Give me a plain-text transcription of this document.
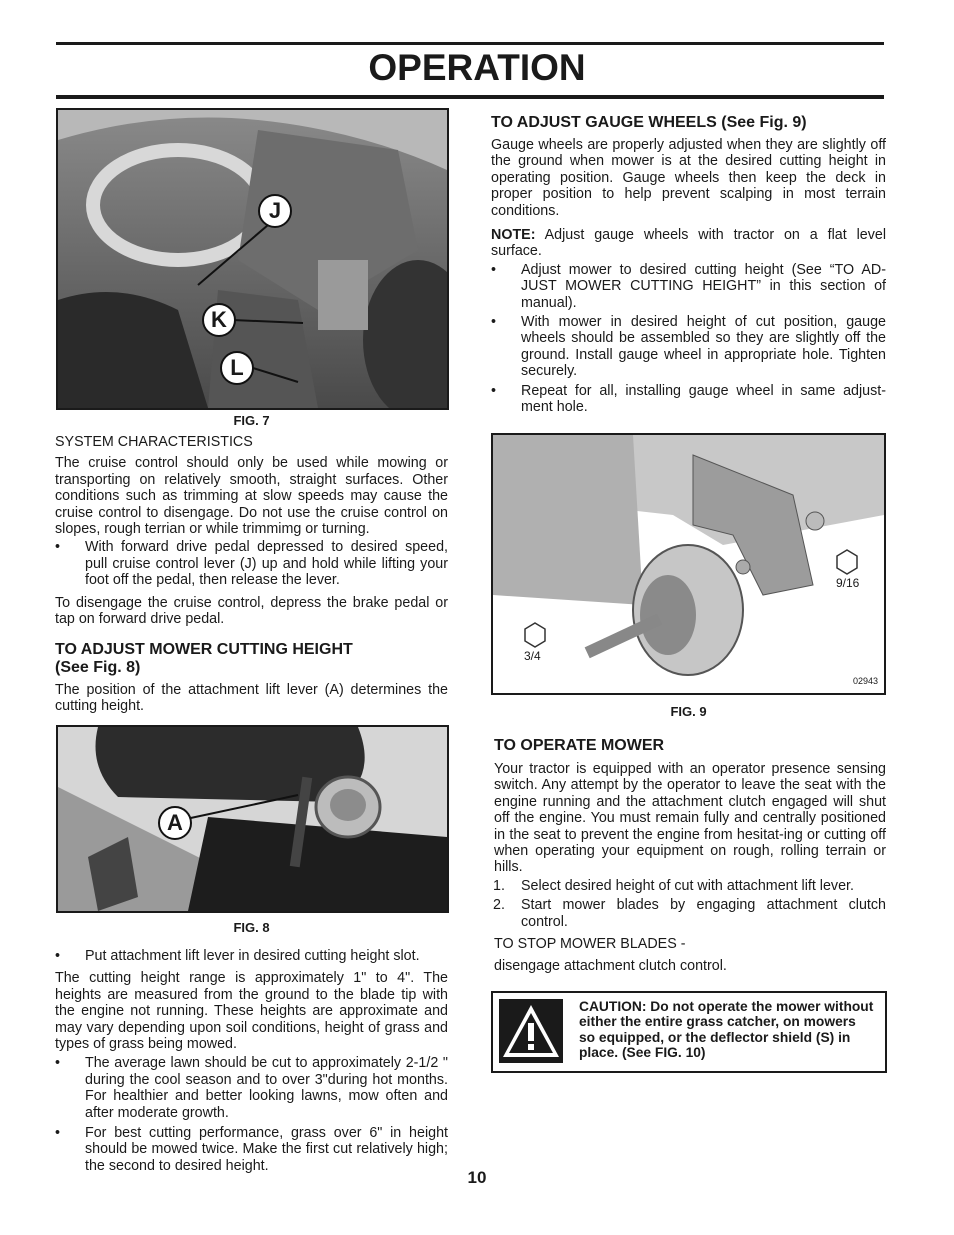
OPERATION
J
K
L
FIG. 7

SYSTEM CHARACTERISTICS

The cruise control should only be used while mowing or transporting on relatively smooth, straight surfaces. Other conditions such as trimming at slow speeds may cause the cruise control to disengage. Do not use the cruise control on slopes, rough terrian or while trimmimg or turning.

• With forward drive pedal depressed to desired speed, pull cruise control lever (J) up and hold while lifting your foot off the pedal, then release the lever.

To disengage the cruise control, depress the brake pedal or tap on forward drive pedal.

TO ADJUST MOWER CUTTING HEIGHT
(See Fig. 8)

The position of the attachment lift lever (A) determines the cutting height.

A
FIG. 8
• Put attachment lift lever in desired cutting height slot.

The cutting height range is approximately 1" to 4". The heights are measured from the ground to the blade tip with the engine not running. These heights are approximate and may vary depending upon soil conditions, height of grass and types of grass being mowed.

• The average lawn should be cut to approximately 2-1/2 " during the cool season and to over 3"during hot months. For healthier and better looking lawns, mow often and after moderate growth.
• For best cutting performance, grass over 6" in height should be mowed twice. Make the first cut relatively high; the second to desired height.
TO ADJUST GAUGE WHEELS (See Fig. 9)

Gauge wheels are properly adjusted when they are slightly off the ground when mower is at the desired cutting height in operating position. Gauge wheels then keep the deck in proper position to help prevent scalping in most terrain conditions.

NOTE: Adjust gauge wheels with tractor on a flat level surface.

• Adjust mower to desired cutting height (See “TO AD-JUST MOWER CUTTING HEIGHT” in this section of manual).
• With mower in desired height of cut position, gauge wheels should be assembled so they are slightly off the ground. Install gauge wheel in appropriate hole. Tighten securely.
• Repeat for all, installing gauge wheel in same adjust-ment hole.
3/4
9/16
02943
FIG. 9
TO OPERATE MOWER

Your tractor is equipped with an operator presence sensing switch. Any attempt by the operator to leave the seat with the engine running and the attachment clutch engaged will shut off the engine. You must remain fully and centrally positioned in the seat to prevent the engine from hesitat-ing or cutting off when operating your equipment on rough, rolling terrain or hills.

1. Select desired height of cut with attachment lift lever.
2. Start mower blades by engaging attachment clutch control.

TO STOP MOWER BLADES -

disengage attachment clutch control.

CAUTION: Do not operate the mower without either the entire grass catcher, on mowers so equipped, or the deflector shield (S) in place. (See FIG. 10)
10
